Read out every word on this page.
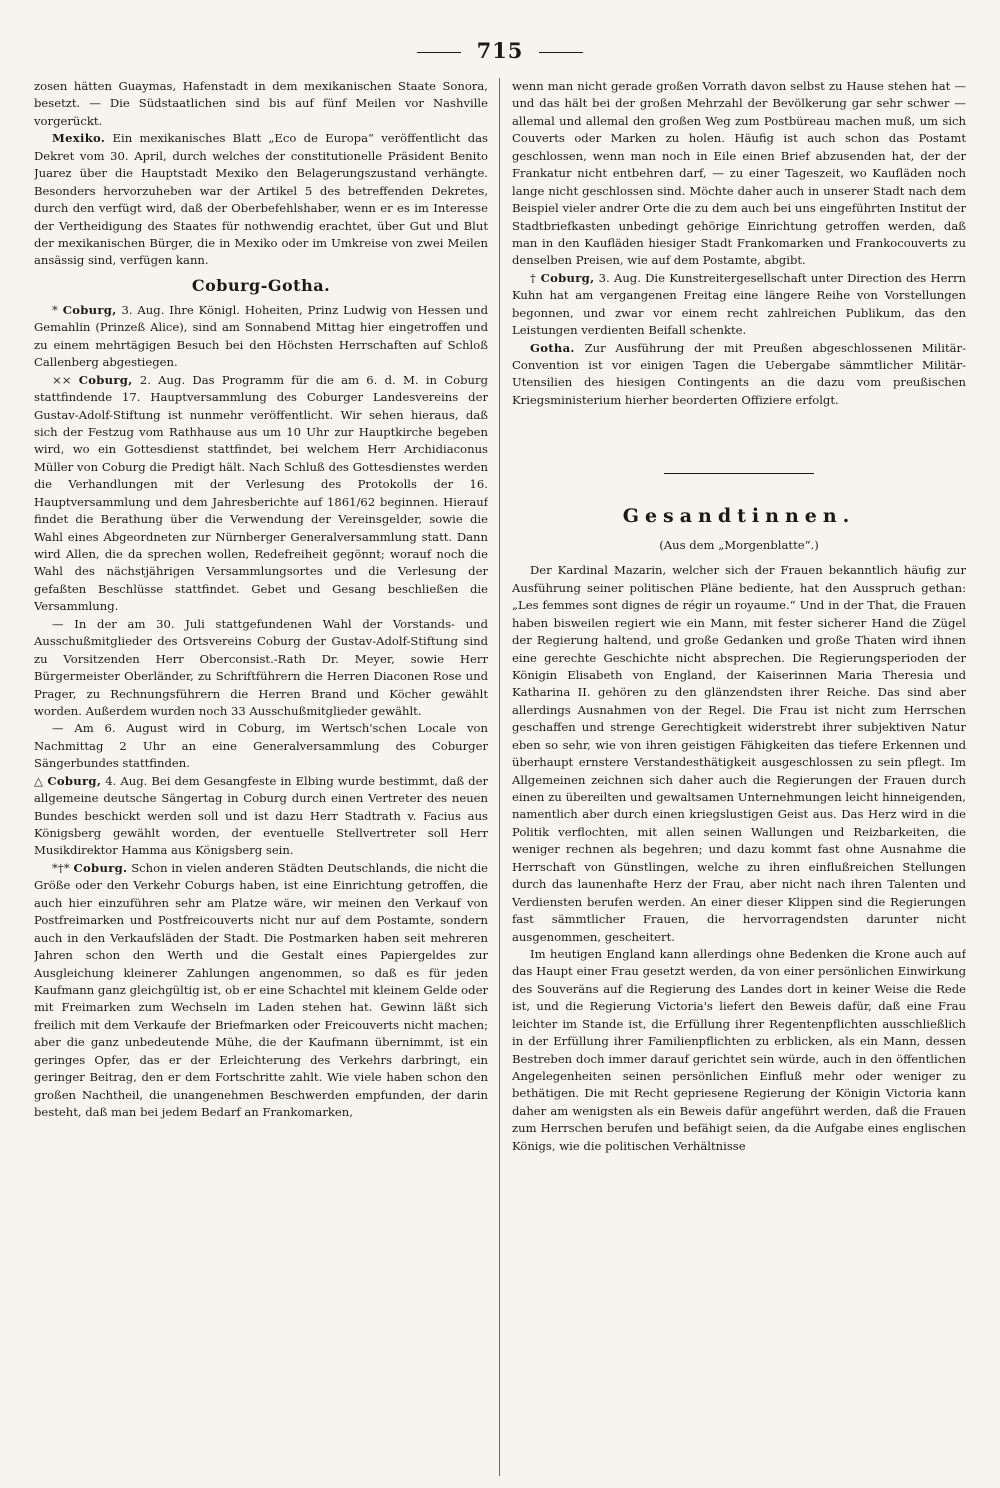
715

zosen hätten Guaymas, Hafenstadt in dem mexikanischen Staate Sonora, besetzt. — Die Südstaatlichen sind bis auf fünf Meilen vor Nashville vorgerückt.

Mexiko. Ein mexikanisches Blatt „Eco de Europa“ veröffentlicht das Dekret vom 30. April, durch welches der constitutionelle Präsident Benito Juarez über die Hauptstadt Mexiko den Belagerungszustand verhängte. Besonders hervorzuheben war der Artikel 5 des betreffenden Dekretes, durch den verfügt wird, daß der Oberbefehlshaber, wenn er es im Interesse der Vertheidigung des Staates für nothwendig erachtet, über Gut und Blut der mexikanischen Bürger, die in Mexiko oder im Umkreise von zwei Meilen ansässig sind, verfügen kann.

Coburg-Gotha.

* Coburg, 3. Aug. Ihre Königl. Hoheiten, Prinz Ludwig von Hessen und Gemahlin (Prinzeß Alice), sind am Sonnabend Mittag hier eingetroffen und zu einem mehrtägigen Besuch bei den Höchsten Herrschaften auf Schloß Callenberg abgestiegen.

×× Coburg, 2. Aug. Das Programm für die am 6. d. M. in Coburg stattfindende 17. Hauptversammlung des Coburger Landesvereins der Gustav-Adolf-Stiftung ist nunmehr veröffentlicht. Wir sehen hieraus, daß sich der Festzug vom Rathhause aus um 10 Uhr zur Hauptkirche begeben wird, wo ein Gottesdienst stattfindet, bei welchem Herr Archidiaconus Müller von Coburg die Predigt hält. Nach Schluß des Gottesdienstes werden die Verhandlungen mit der Verlesung des Protokolls der 16. Hauptversammlung und dem Jahresberichte auf 1861/62 beginnen. Hierauf findet die Berathung über die Verwendung der Vereinsgelder, sowie die Wahl eines Abgeordneten zur Nürnberger Generalversammlung statt. Dann wird Allen, die da sprechen wollen, Redefreiheit gegönnt; worauf noch die Wahl des nächstjährigen Versammlungsortes und die Verlesung der gefaßten Beschlüsse stattfindet. Gebet und Gesang beschließen die Versammlung.

— In der am 30. Juli stattgefundenen Wahl der Vorstands- und Ausschußmitglieder des Ortsvereins Coburg der Gustav-Adolf-Stiftung sind zu Vorsitzenden Herr Oberconsist.-Rath Dr. Meyer, sowie Herr Bürgermeister Oberländer, zu Schriftführern die Herren Diaconen Rose und Prager, zu Rechnungsführern die Herren Brand und Köcher gewählt worden. Außerdem wurden noch 33 Ausschußmitglieder gewählt.

— Am 6. August wird in Coburg, im Wertsch'schen Locale von Nachmittag 2 Uhr an eine Generalversammlung des Coburger Sängerbundes stattfinden.

△ Coburg, 4. Aug. Bei dem Gesangfeste in Elbing wurde bestimmt, daß der allgemeine deutsche Sängertag in Coburg durch einen Vertreter des neuen Bundes beschickt werden soll und ist dazu Herr Stadtrath v. Facius aus Königsberg gewählt worden, der eventuelle Stellvertreter soll Herr Musikdirektor Hamma aus Königsberg sein.

*†* Coburg. Schon in vielen anderen Städten Deutschlands, die nicht die Größe oder den Verkehr Coburgs haben, ist eine Einrichtung getroffen, die auch hier einzuführen sehr am Platze wäre, wir meinen den Verkauf von Postfreimarken und Postfreicouverts nicht nur auf dem Postamte, sondern auch in den Verkaufsläden der Stadt. Die Postmarken haben seit mehreren Jahren schon den Werth und die Gestalt eines Papiergeldes zur Ausgleichung kleinerer Zahlungen angenommen, so daß es für jeden Kaufmann ganz gleichgültig ist, ob er eine Schachtel mit kleinem Gelde oder mit Freimarken zum Wechseln im Laden stehen hat. Gewinn läßt sich freilich mit dem Verkaufe der Briefmarken oder Freicouverts nicht machen; aber die ganz unbedeutende Mühe, die der Kaufmann übernimmt, ist ein geringes Opfer, das er der Erleichterung des Verkehrs darbringt, ein geringer Beitrag, den er dem Fortschritte zahlt. Wie viele haben schon den großen Nachtheil, die unangenehmen Beschwerden empfunden, der darin besteht, daß man bei jedem Bedarf an Frankomarken,

wenn man nicht gerade großen Vorrath davon selbst zu Hause stehen hat — und das hält bei der großen Mehrzahl der Bevölkerung gar sehr schwer — allemal und allemal den großen Weg zum Postbüreau machen muß, um sich Couverts oder Marken zu holen. Häufig ist auch schon das Postamt geschlossen, wenn man noch in Eile einen Brief abzusenden hat, der der Frankatur nicht entbehren darf, — zu einer Tageszeit, wo Kaufläden noch lange nicht geschlossen sind. Möchte daher auch in unserer Stadt nach dem Beispiel vieler andrer Orte die zu dem auch bei uns eingeführten Institut der Stadtbriefkasten unbedingt gehörige Einrichtung getroffen werden, daß man in den Kaufläden hiesiger Stadt Frankomarken und Frankocouverts zu denselben Preisen, wie auf dem Postamte, abgibt.

† Coburg, 3. Aug. Die Kunstreitergesellschaft unter Direction des Herrn Kuhn hat am vergangenen Freitag eine längere Reihe von Vorstellungen begonnen, und zwar vor einem recht zahlreichen Publikum, das den Leistungen verdienten Beifall schenkte.

Gotha. Zur Ausführung der mit Preußen abgeschlossenen Militär-Convention ist vor einigen Tagen die Uebergabe sämmtlicher Militär-Utensilien des hiesigen Contingents an die dazu vom preußischen Kriegsministerium hierher beorderten Offiziere erfolgt.

Gesandtinnen.
(Aus dem „Morgenblatte“.)

Der Kardinal Mazarin, welcher sich der Frauen bekanntlich häufig zur Ausführung seiner politischen Pläne bediente, hat den Ausspruch gethan: „Les femmes sont dignes de régir un royaume.“ Und in der That, die Frauen haben bisweilen regiert wie ein Mann, mit fester sicherer Hand die Zügel der Regierung haltend, und große Gedanken und große Thaten wird ihnen eine gerechte Geschichte nicht absprechen. Die Regierungsperioden der Königin Elisabeth von England, der Kaiserinnen Maria Theresia und Katharina II. gehören zu den glänzendsten ihrer Reiche. Das sind aber allerdings Ausnahmen von der Regel. Die Frau ist nicht zum Herrschen geschaffen und strenge Gerechtigkeit widerstrebt ihrer subjektiven Natur eben so sehr, wie von ihren geistigen Fähigkeiten das tiefere Erkennen und überhaupt ernstere Verstandesthätigkeit ausgeschlossen zu sein pflegt. Im Allgemeinen zeichnen sich daher auch die Regierungen der Frauen durch einen zu übereilten und gewaltsamen Unternehmungen leicht hinneigenden, namentlich aber durch einen kriegslustigen Geist aus. Das Herz wird in die Politik verflochten, mit allen seinen Wallungen und Reizbarkeiten, die weniger rechnen als begehren; und dazu kommt fast ohne Ausnahme die Herrschaft von Günstlingen, welche zu ihren einflußreichen Stellungen durch das launenhafte Herz der Frau, aber nicht nach ihren Talenten und Verdiensten berufen werden. An einer dieser Klippen sind die Regierungen fast sämmtlicher Frauen, die hervorragendsten darunter nicht ausgenommen, gescheitert.

Im heutigen England kann allerdings ohne Bedenken die Krone auch auf das Haupt einer Frau gesetzt werden, da von einer persönlichen Einwirkung des Souveräns auf die Regierung des Landes dort in keiner Weise die Rede ist, und die Regierung Victoria's liefert den Beweis dafür, daß eine Frau leichter im Stande ist, die Erfüllung ihrer Regentenpflichten ausschließlich in der Erfüllung ihrer Familienpflichten zu erblicken, als ein Mann, dessen Bestreben doch immer darauf gerichtet sein würde, auch in den öffentlichen Angelegenheiten seinen persönlichen Einfluß mehr oder weniger zu bethätigen. Die mit Recht gepriesene Regierung der Königin Victoria kann daher am wenigsten als ein Beweis dafür angeführt werden, daß die Frauen zum Herrschen berufen und befähigt seien, da die Aufgabe eines englischen Königs, wie die politischen Verhältnisse
